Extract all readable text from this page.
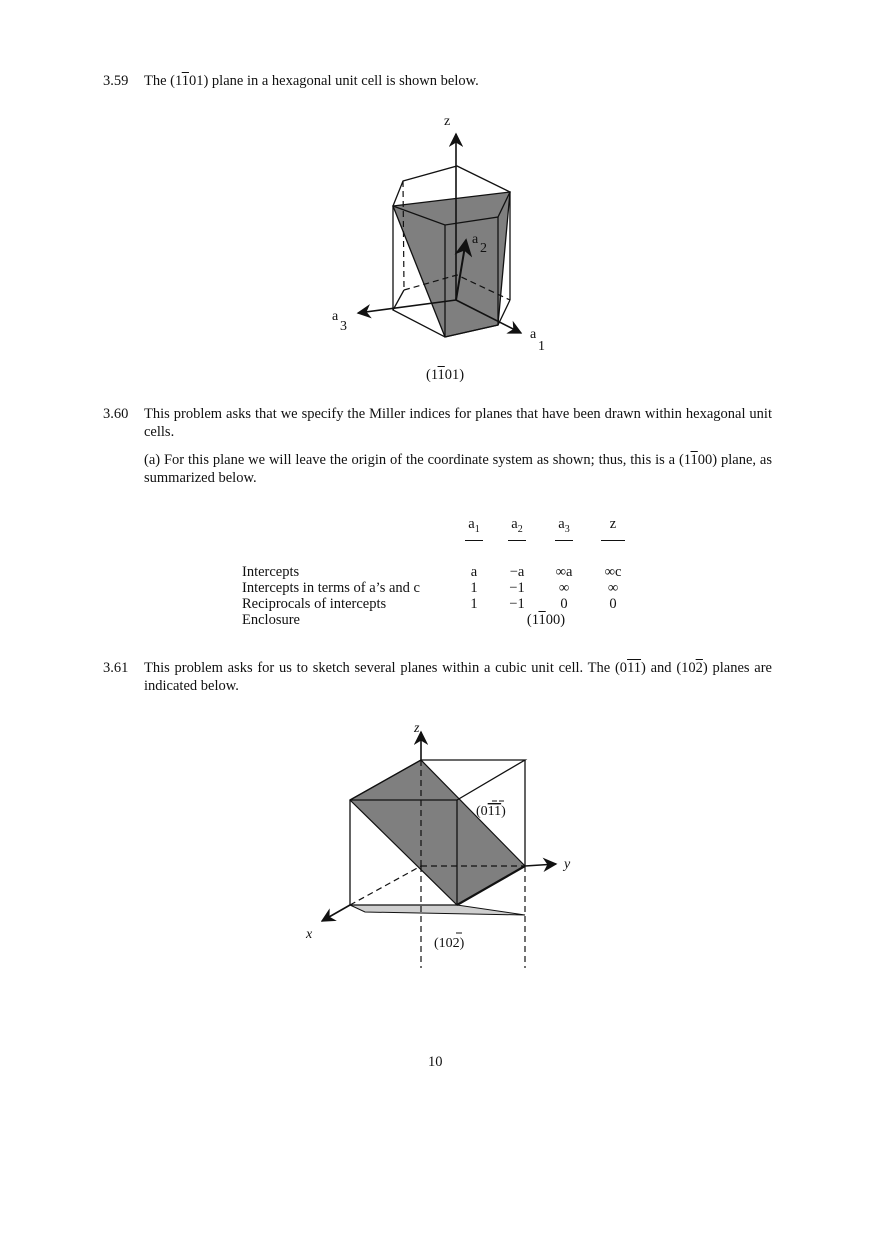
3.59 The (1101) plane in a hexagonal unit cell is shown below.
z
a
2
a
3
a
1
(1101)
3.60 This problem asks that we specify the Miller indices for planes that have been drawn within hexagonal unit cells.
(a) For this plane we will leave the origin of the coordinate system as shown; thus, this is a (1100) plane, as summarized below.
	$a_1$	$a_2$	$a_3$	z
Intercepts	a	−a	∞a	∞c
Intercepts in terms of a’s and c	1	−1	∞	∞
Reciprocals of intercepts	1	−1	0	0
Enclosure	(1100)			
3.61 This problem asks for us to sketch several planes within a cubic unit cell. The (011) and (102) planes are indicated below.
z
y
x
(011)
(102)
10
